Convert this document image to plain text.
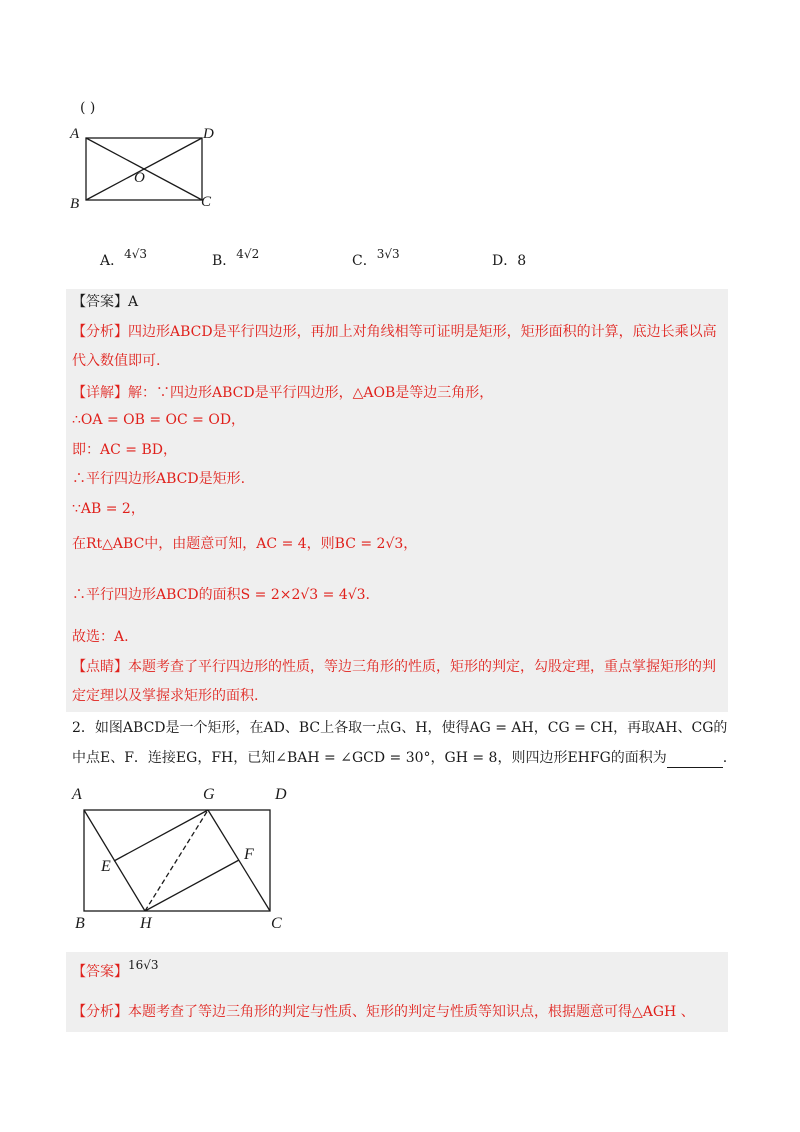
( )
A	D
O
B	C
A．4√3	B．4√2	C．3√3	D．8
【答案】A
【分析】四边形ABCD是平行四边形，再加上对角线相等可证明是矩形，矩形面积的计算，底边长乘以高
代入数值即可.
【详解】解：∵四边形ABCD是平行四边形，△AOB是等边三角形，
∴OA = OB = OC = OD，
即：AC = BD，
∴平行四边形ABCD是矩形.
∵AB = 2，
在Rt△ABC中，由题意可知，AC = 4，则BC = 2√3，
∴平行四边形ABCD的面积S = 2×2√3 = 4√3.
故选：A.
【点睛】本题考查了平行四边形的性质，等边三角形的性质，矩形的判定，勾股定理，重点掌握矩形的判
定定理以及掌握求矩形的面积.
2．如图ABCD是一个矩形，在AD、BC上各取一点G、H，使得AG = AH，CG = CH，再取AH、CG的
中点E、F．连接EG，FH，已知∠BAH = ∠GCD = 30°，GH = 8，则四边形EHFG的面积为	.
A	G	D
E
F
B	H	C
【答案】16√3
【分析】本题考查了等边三角形的判定与性质、矩形的判定与性质等知识点，根据题意可得△AGH 、
